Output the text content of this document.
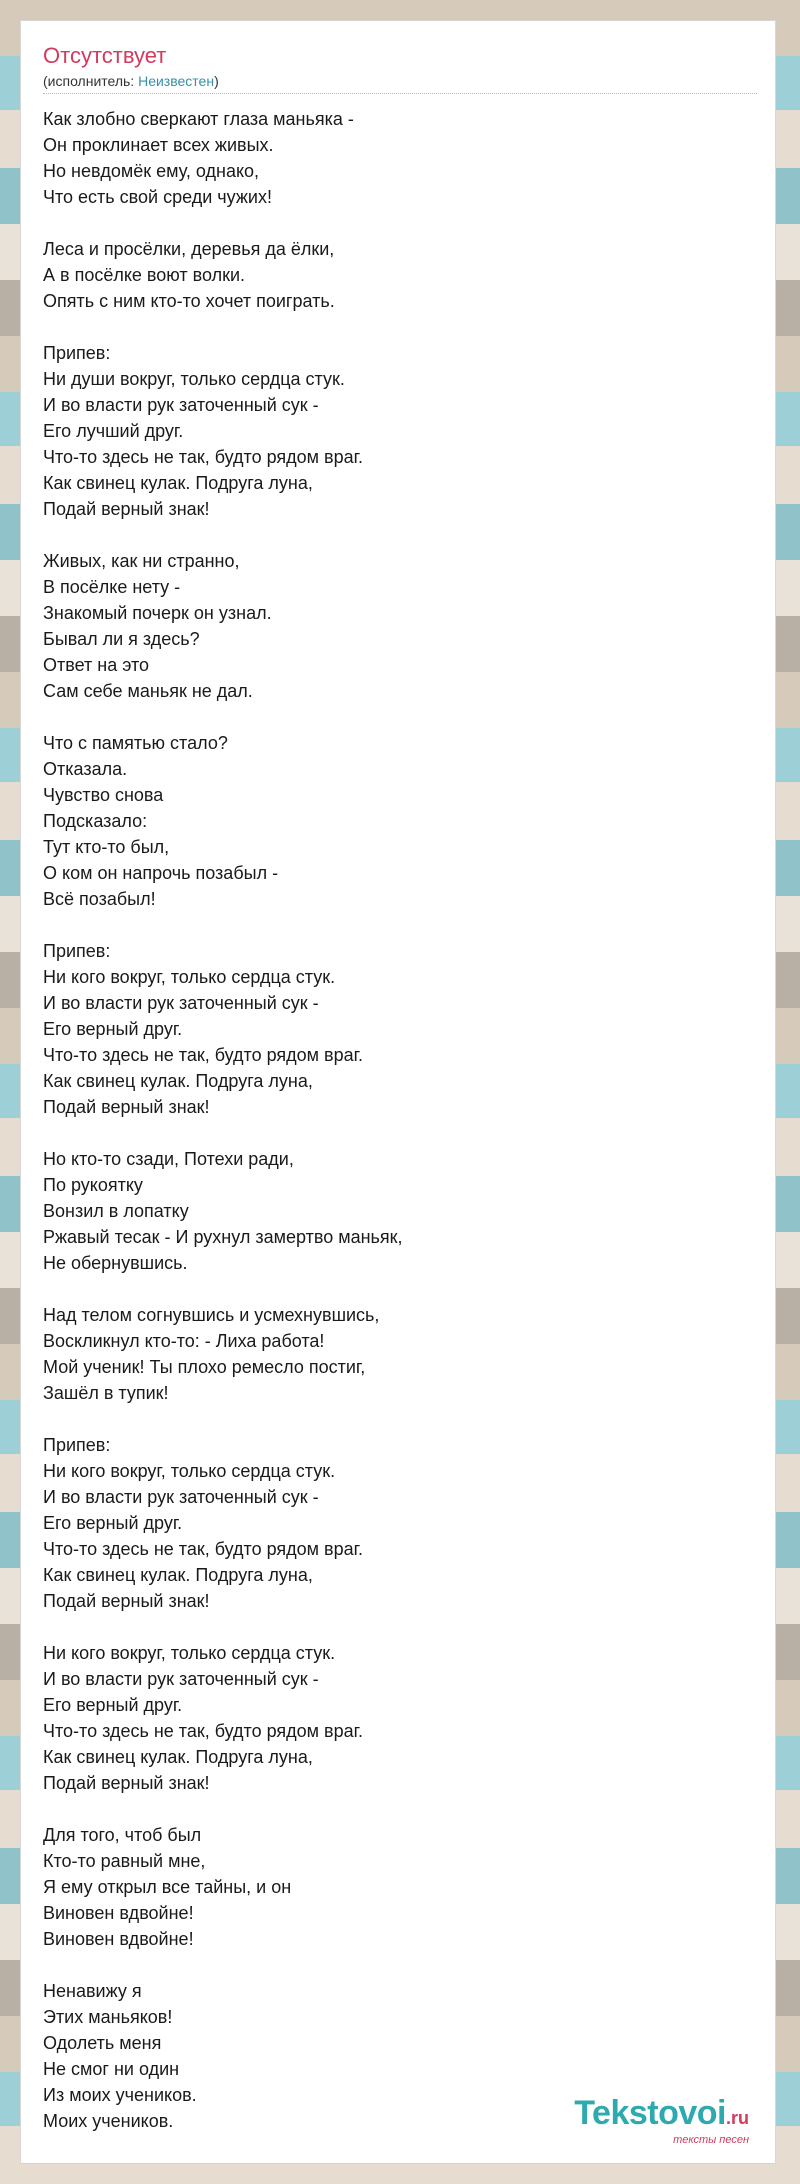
Отсутствует
(исполнитель: Неизвестен)
Как злобно сверкают глаза маньяка -
Он проклинает всех живых.
Но невдомёк ему, однако,
Что есть свой среди чужих!
Леса и просёлки, деревья да ёлки,
А в посёлке воют волки.
Опять с ним кто-то хочет поиграть.
Припев:
Ни души вокруг, только сердца стук.
И во власти рук заточенный сук -
Его лучший друг.
Что-то здесь не так, будто рядом враг.
Как свинец кулак. Подруга луна,
Подай верный знак!
Живых, как ни странно,
В посёлке нету -
Знакомый почерк он узнал.
Бывал ли я здесь?
Ответ на это
Сам себе маньяк не дал.
Что с памятью стало?
Отказала.
Чувство снова
Подсказало:
Тут кто-то был,
О ком он напрочь позабыл -
Всё позабыл!
Припев:
Ни кого вокруг, только сердца стук.
И во власти рук заточенный сук -
Его верный друг.
Что-то здесь не так, будто рядом враг.
Как свинец кулак. Подруга луна,
Подай верный знак!
Но кто-то сзади, Потехи ради,
По рукоятку
Вонзил в лопатку
Ржавый тесак - И рухнул замертво маньяк,
Не обернувшись.
Над телом согнувшись и усмехнувшись,
Воскликнул кто-то: - Лиха работа!
Мой ученик! Ты плохо ремесло постиг,
Зашёл в тупик!
Припев:
Ни кого вокруг, только сердца стук.
И во власти рук заточенный сук -
Его верный друг.
Что-то здесь не так, будто рядом враг.
Как свинец кулак. Подруга луна,
Подай верный знак!
Ни кого вокруг, только сердца стук.
И во власти рук заточенный сук -
Его верный друг.
Что-то здесь не так, будто рядом враг.
Как свинец кулак. Подруга луна,
Подай верный знак!
Для того, чтоб был
Кто-то равный мне,
Я ему открыл все тайны, и он
Виновен вдвойне!
Виновен вдвойне!
Ненавижу я
Этих маньяков!
Одолеть меня
Не смог ни один
Из моих учеников.
Моих учеников.	Tekstovoi.ru
тексты песен
